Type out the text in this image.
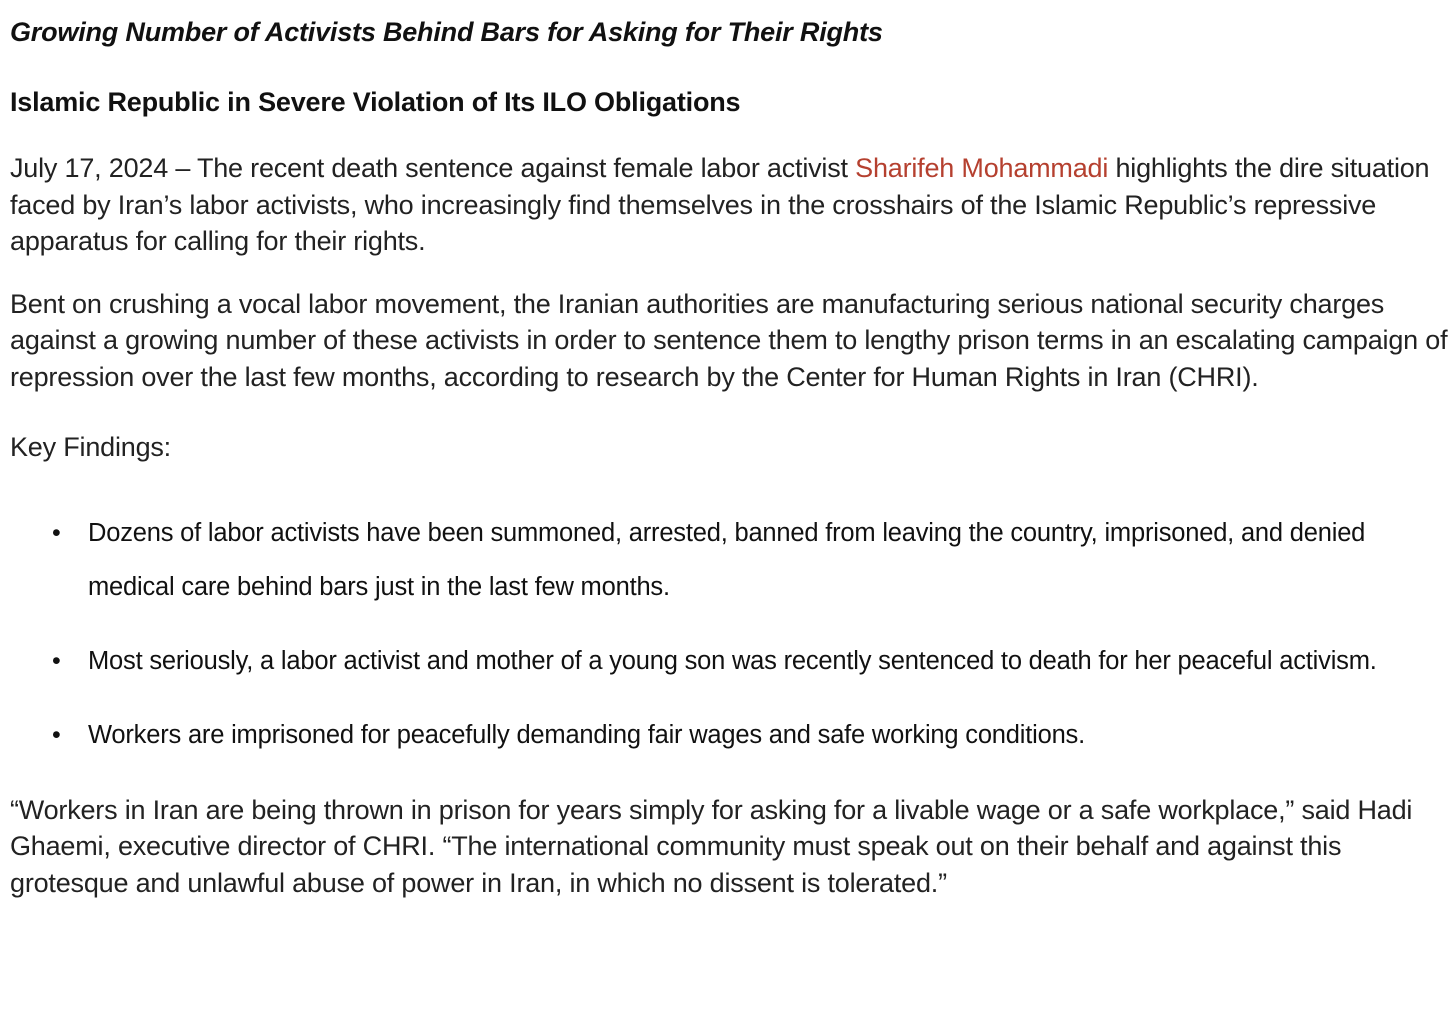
Growing Number of Activists Behind Bars for Asking for Their Rights
Islamic Republic in Severe Violation of Its ILO Obligations

July 17, 2024 – The recent death sentence against female labor activist Sharifeh Mohammadi highlights the dire situation faced by Iran’s labor activists, who increasingly find themselves in the crosshairs of the Islamic Republic’s repressive apparatus for calling for their rights.

Bent on crushing a vocal labor movement, the Iranian authorities are manufacturing serious national security charges against a growing number of these activists in order to sentence them to lengthy prison terms in an escalating campaign of repression over the last few months, according to research by the Center for Human Rights in Iran (CHRI).

Key Findings:

• Dozens of labor activists have been summoned, arrested, banned from leaving the country, imprisoned, and denied medical care behind bars just in the last few months.
• Most seriously, a labor activist and mother of a young son was recently sentenced to death for her peaceful activism.
• Workers are imprisoned for peacefully demanding fair wages and safe working conditions.

“Workers in Iran are being thrown in prison for years simply for asking for a livable wage or a safe workplace,” said Hadi Ghaemi, executive director of CHRI. “The international community must speak out on their behalf and against this grotesque and unlawful abuse of power in Iran, in which no dissent is tolerated.”
